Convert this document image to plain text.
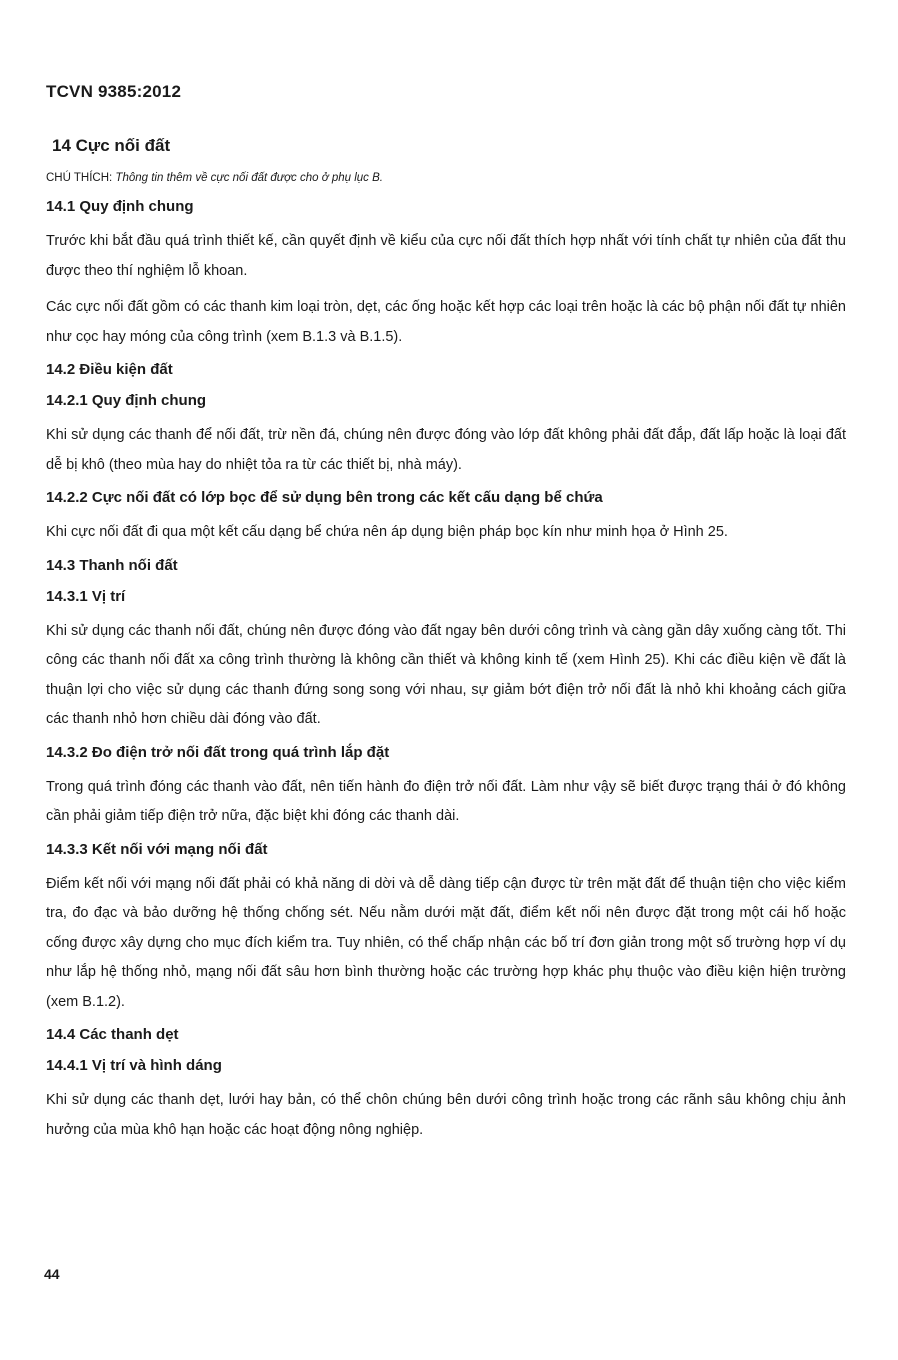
TCVN 9385:2012
14 Cực nối đất
CHÚ THÍCH: Thông tin thêm về cực nối đất được cho ở phụ lục B.
14.1 Quy định chung
Trước khi bắt đầu quá trình thiết kế, cần quyết định về kiểu của cực nối đất thích hợp nhất với tính chất tự nhiên của đất thu được theo thí nghiệm lỗ khoan.
Các cực nối đất gồm có các thanh kim loại tròn, dẹt, các ống hoặc kết hợp các loại trên hoặc là các bộ phận nối đất tự nhiên như cọc hay móng của công trình (xem B.1.3 và B.1.5).
14.2 Điều kiện đất
14.2.1 Quy định chung
Khi sử dụng các thanh để nối đất, trừ nền đá, chúng nên được đóng vào lớp đất không phải đất đắp, đất lấp hoặc là loại đất dễ bị khô (theo mùa hay do nhiệt tỏa ra từ các thiết bị, nhà máy).
14.2.2 Cực nối đất có lớp bọc để sử dụng bên trong các kết cấu dạng bể chứa
Khi cực nối đất đi qua một kết cấu dạng bể chứa nên áp dụng biện pháp bọc kín như minh họa ở Hình 25.
14.3 Thanh nối đất
14.3.1 Vị trí
Khi sử dụng các thanh nối đất, chúng nên được đóng vào đất ngay bên dưới công trình và càng gần dây xuống càng tốt. Thi công các thanh nối đất xa công trình thường là không cần thiết và không kinh tế (xem Hình 25). Khi các điều kiện về đất là thuận lợi cho việc sử dụng các thanh đứng song song với nhau, sự giảm bớt điện trở nối đất là nhỏ khi khoảng cách giữa các thanh nhỏ hơn chiều dài đóng vào đất.
14.3.2 Đo điện trở nối đất trong quá trình lắp đặt
Trong quá trình đóng các thanh vào đất, nên tiến hành đo điện trở nối đất. Làm như vậy sẽ biết được trạng thái ở đó không cần phải giảm tiếp điện trở nữa, đặc biệt khi đóng các thanh dài.
14.3.3 Kết nối với mạng nối đất
Điểm kết nối với mạng nối đất phải có khả năng di dời và dễ dàng tiếp cận được từ trên mặt đất để thuận tiện cho việc kiểm tra, đo đạc và bảo dưỡng hệ thống chống sét. Nếu nằm dưới mặt đất, điểm kết nối nên được đặt trong một cái hố hoặc cống được xây dựng cho mục đích kiểm tra. Tuy nhiên, có thể chấp nhận các bố trí đơn giản trong một số trường hợp ví dụ như lắp hệ thống nhỏ, mạng nối đất sâu hơn bình thường hoặc các trường hợp khác phụ thuộc vào điều kiện hiện trường (xem B.1.2).
14.4 Các thanh dẹt
14.4.1 Vị trí và hình dáng
Khi sử dụng các thanh dẹt, lưới hay bản, có thể chôn chúng bên dưới công trình hoặc trong các rãnh sâu không chịu ảnh hưởng của mùa khô hạn hoặc các hoạt động nông nghiệp.
44
